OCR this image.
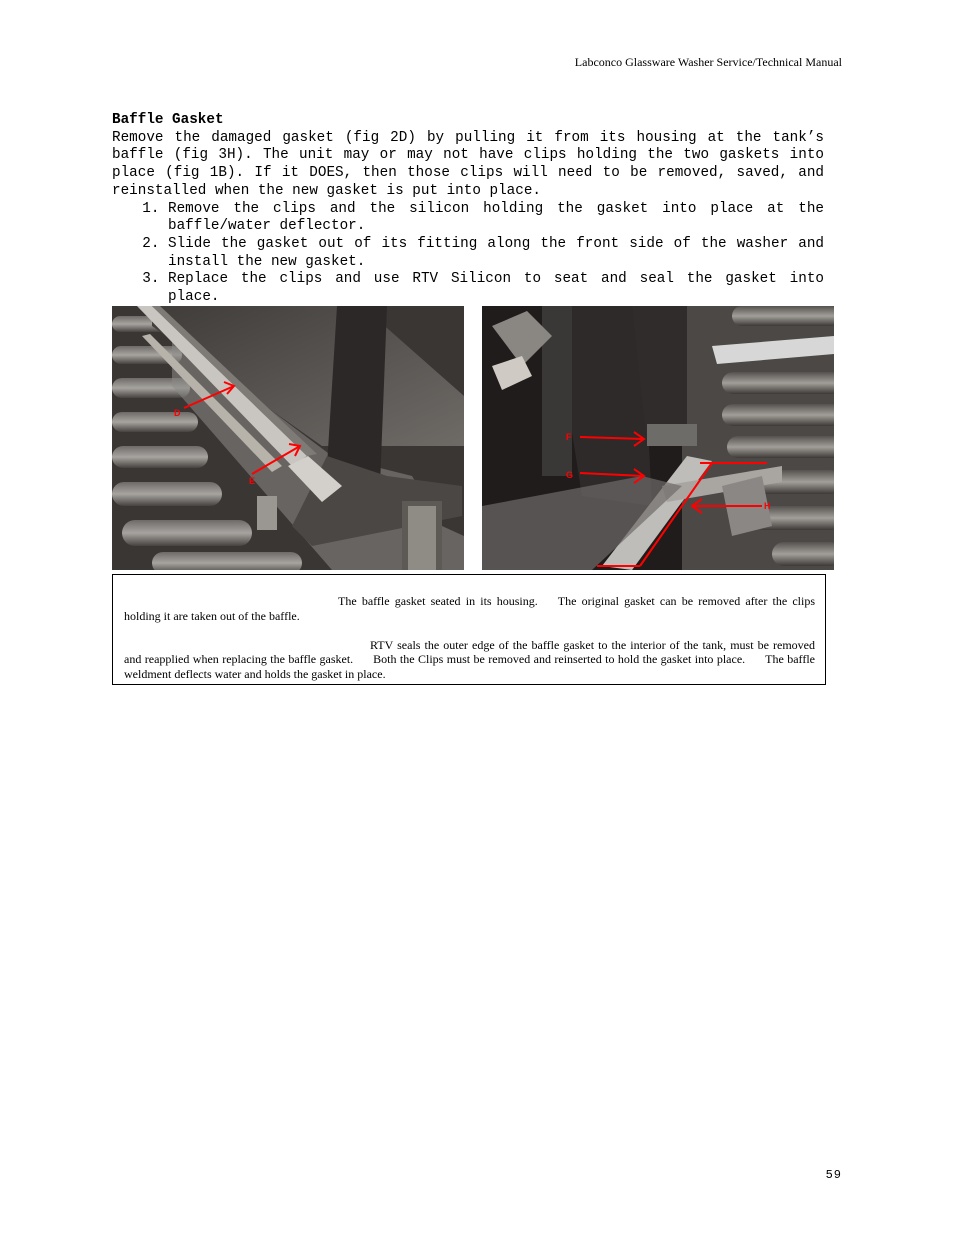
Labconco Glassware Washer Service/Technical Manual

Baffle Gasket

Remove the damaged gasket (fig 2D) by pulling it from its housing at the tank’s baffle (fig 3H). The unit may or may not have clips holding the two gaskets into place (fig 1B). If it DOES, then those clips will need to be removed, saved, and reinstalled when the new gasket is put into place.

1. Remove the clips and the silicon holding the gasket into place at the baffle/water deflector.
2. Slide the gasket out of its fitting along the front side of the washer and install the new gasket.
3. Replace the clips and use RTV Silicon to seat and seal the gasket into place.
D
E
F
G
H

The baffle gasket seated in its housing. The original gasket can be removed after the clips holding it are taken out of the baffle.

RTV seals the outer edge of the baffle gasket to the interior of the tank, must be removed and reapplied when replacing the baffle gasket. Both the Clips must be removed and reinserted to hold the gasket into place. The baffle weldment deflects water and holds the gasket in place.

59
